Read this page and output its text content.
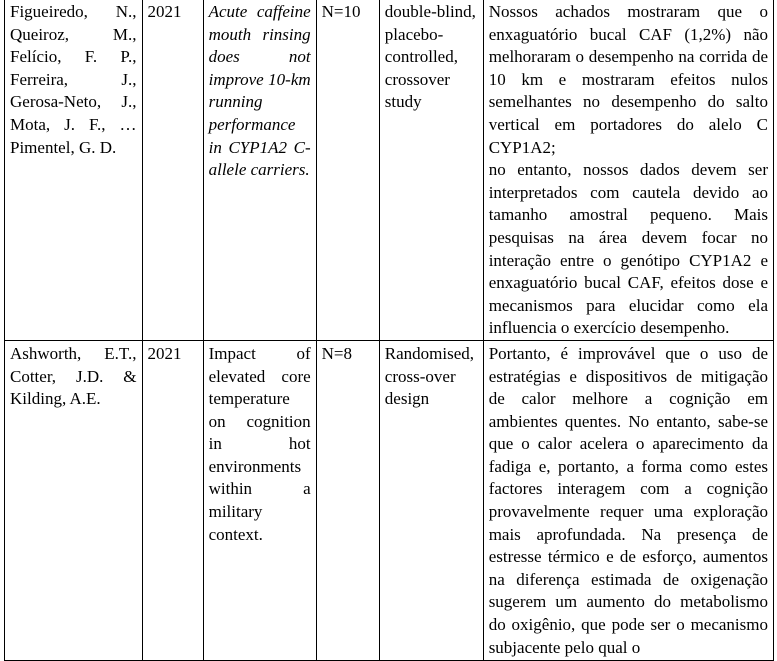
Figueiredo, N., Queiroz, M., Felício, F. P., Ferreira, J., Gerosa-Neto, J., Mota, J. F., … Pimentel, G. D.	2021	Acute caffeine mouth rinsing does not improve 10-km running performance in CYP1A2 C-allele carriers.	N=10	double-blind, placebo-controlled, crossover study	Nossos achados mostraram que o enxaguatório bucal CAF (1,2%) não melhoraram o desempenho na corrida de 10 km e mostraram efeitos nulos semelhantes no desempenho do salto vertical em portadores do alelo C CYP1A2;
no entanto, nossos dados devem ser interpretados com cautela devido ao tamanho amostral pequeno. Mais pesquisas na área devem focar no interação entre o genótipo CYP1A2 e enxaguatório bucal CAF, efeitos dose e mecanismos para elucidar como ela influencia o exercício desempenho.

Ashworth, E.T., Cotter, J.D. & Kilding, A.E.	2021	Impact of elevated core temperature on cognition in hot environments within a military context.	N=8	Randomised, cross-over design	Portanto, é improvável que o uso de estratégias e dispositivos de mitigação de calor melhore a cognição em ambientes quentes. No entanto, sabe-se que o calor acelera o aparecimento da fadiga e, portanto, a forma como estes factores interagem com a cognição provavelmente requer uma exploração mais aprofundada. Na presença de estresse térmico e de esforço, aumentos na diferença estimada de oxigenação sugerem um aumento do metabolismo do oxigênio, que pode ser o mecanismo subjacente pelo qual o
